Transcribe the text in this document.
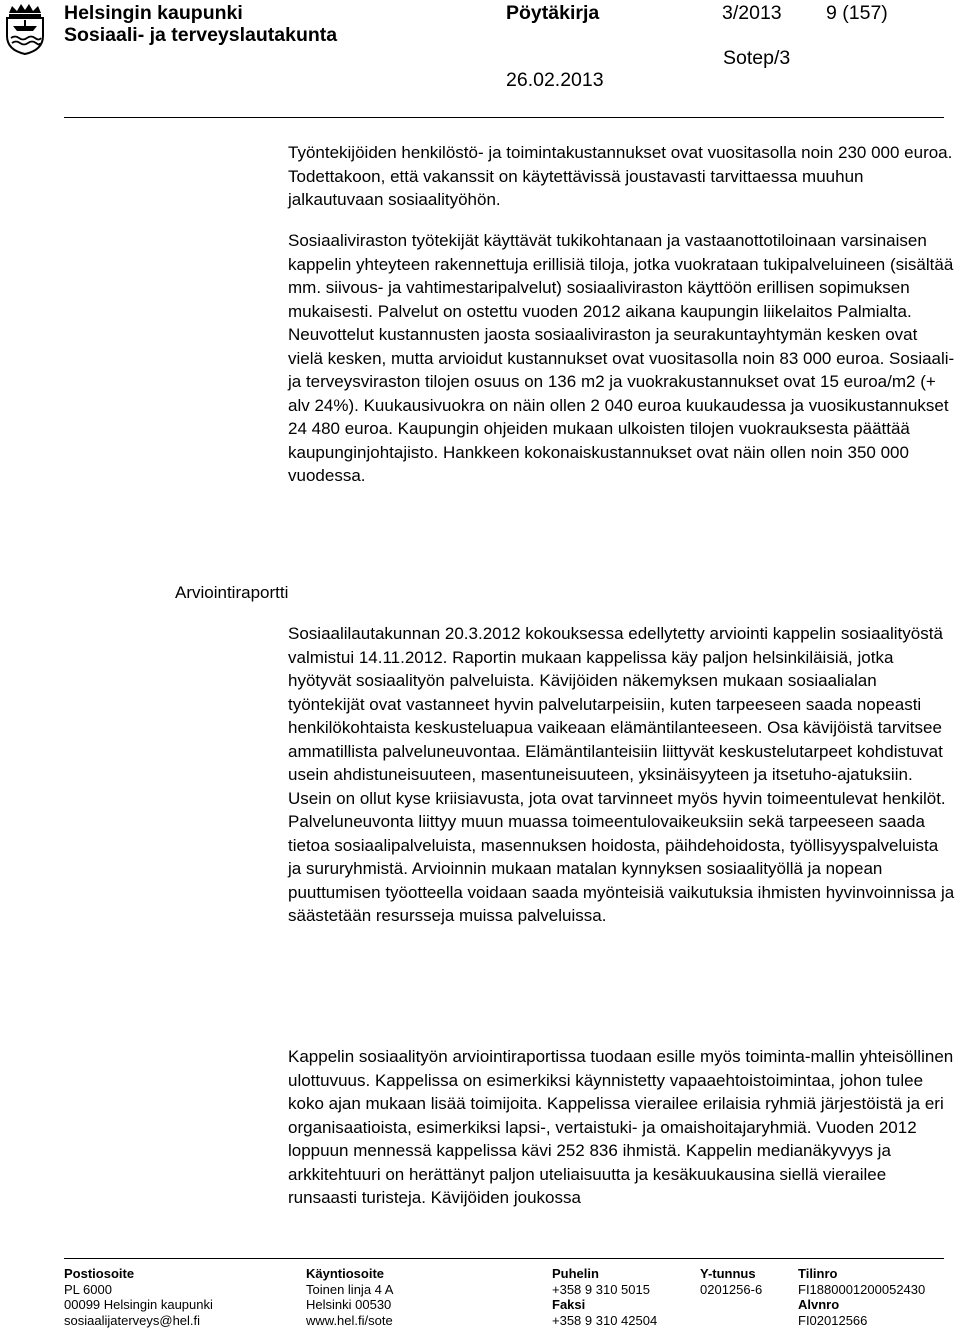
Helsingin kaupunki
Sosiaali- ja terveyslautakunta
Pöytäkirja	3/2013 9 (157)
Sotep/3
26.02.2013

Työntekijöiden henkilöstö- ja toimintakustannukset ovat vuositasolla noin 230 000 euroa. Todettakoon, että vakanssit on käytettävissä joustavasti tarvittaessa muuhun jalkautuvaan sosiaalityöhön.

Sosiaaliviraston työtekijät käyttävät tukikohtanaan ja vastaanottotiloinaan varsinaisen kappelin yhteyteen rakennettuja erillisiä tiloja, jotka vuokrataan tukipalveluineen (sisältää mm. siivous- ja vahtimestaripalvelut) sosiaaliviraston käyttöön erillisen sopimuksen mukaisesti. Palvelut on ostettu vuoden 2012 aikana kaupungin liikelaitos Palmialta. Neuvottelut kustannusten jaosta sosiaaliviraston ja seurakuntayhtymän kesken ovat vielä kesken, mutta arvioidut kustannukset ovat vuositasolla noin 83 000 euroa. Sosiaali- ja terveysviraston tilojen osuus on 136 m2 ja vuokrakustannukset ovat 15 euroa/m2 (+ alv 24%). Kuukausivuokra on näin ollen 2 040 euroa kuukaudessa ja vuosikustannukset 24 480 euroa. Kaupungin ohjeiden mukaan ulkoisten tilojen vuokrauksesta päättää kaupunginjohtajisto. Hankkeen kokonaiskustannukset ovat näin ollen noin 350 000 vuodessa.

Arviointiraportti

Sosiaalilautakunnan 20.3.2012 kokouksessa edellytetty arviointi kappelin sosiaalityöstä valmistui 14.11.2012. Raportin mukaan kappelissa käy paljon helsinkiläisiä, jotka hyötyvät sosiaalityön palveluista. Kävijöiden näkemyksen mukaan sosiaalialan työntekijät ovat vastanneet hyvin palvelutarpeisiin, kuten tarpeeseen saada nopeasti henkilökohtaista keskusteluapua vaikeaan elämäntilanteeseen. Osa kävijöistä tarvitsee ammatillista palveluneuvontaa. Elämäntilanteisiin liittyvät keskustelutarpeet kohdistuvat usein ahdistuneisuuteen, masentuneisuuteen, yksinäisyyteen ja itsetuho-ajatuksiin. Usein on ollut kyse kriisiavusta, jota ovat tarvinneet myös hyvin toimeentulevat henkilöt. Palveluneuvonta liittyy muun muassa toimeentulovaikeuksiin sekä tarpeeseen saada tietoa sosiaalipalveluista, masennuksen hoidosta, päihdehoidosta, työllisyyspalveluista ja sururyhmistä. Arvioinnin mukaan matalan kynnyksen sosiaalityöllä ja nopean puuttumisen työotteella voidaan saada myönteisiä vaikutuksia ihmisten hyvinvoinnissa ja säästetään resursseja muissa palveluissa.

Kappelin sosiaalityön arviointiraportissa tuodaan esille myös toiminta-mallin yhteisöllinen ulottuvuus. Kappelissa on esimerkiksi käynnistetty vapaaehtoistoimintaa, johon tulee koko ajan mukaan lisää toimijoita. Kappelissa vierailee erilaisia ryhmiä järjestöistä ja eri organisaatioista, esimerkiksi lapsi-, vertaistuki- ja omaishoitajaryhmiä. Vuoden 2012 loppuun mennessä kappelissa kävi 252 836 ihmistä. Kappelin medianäkyvyys ja arkkitehtuuri on herättänyt paljon uteliaisuutta ja kesäkuukausina siellä vierailee runsaasti turisteja. Kävijöiden joukossa

Postiosoite
PL 6000
00099 Helsingin kaupunki
sosiaalijaterveys@hel.fi
Käyntiosoite
Toinen linja 4 A
Helsinki 00530
www.hel.fi/sote
Puhelin
+358 9 310 5015
Faksi
+358 9 310 42504
Y-tunnus
0201256-6
Tilinro
FI1880001200052430
Alvnro
FI02012566
